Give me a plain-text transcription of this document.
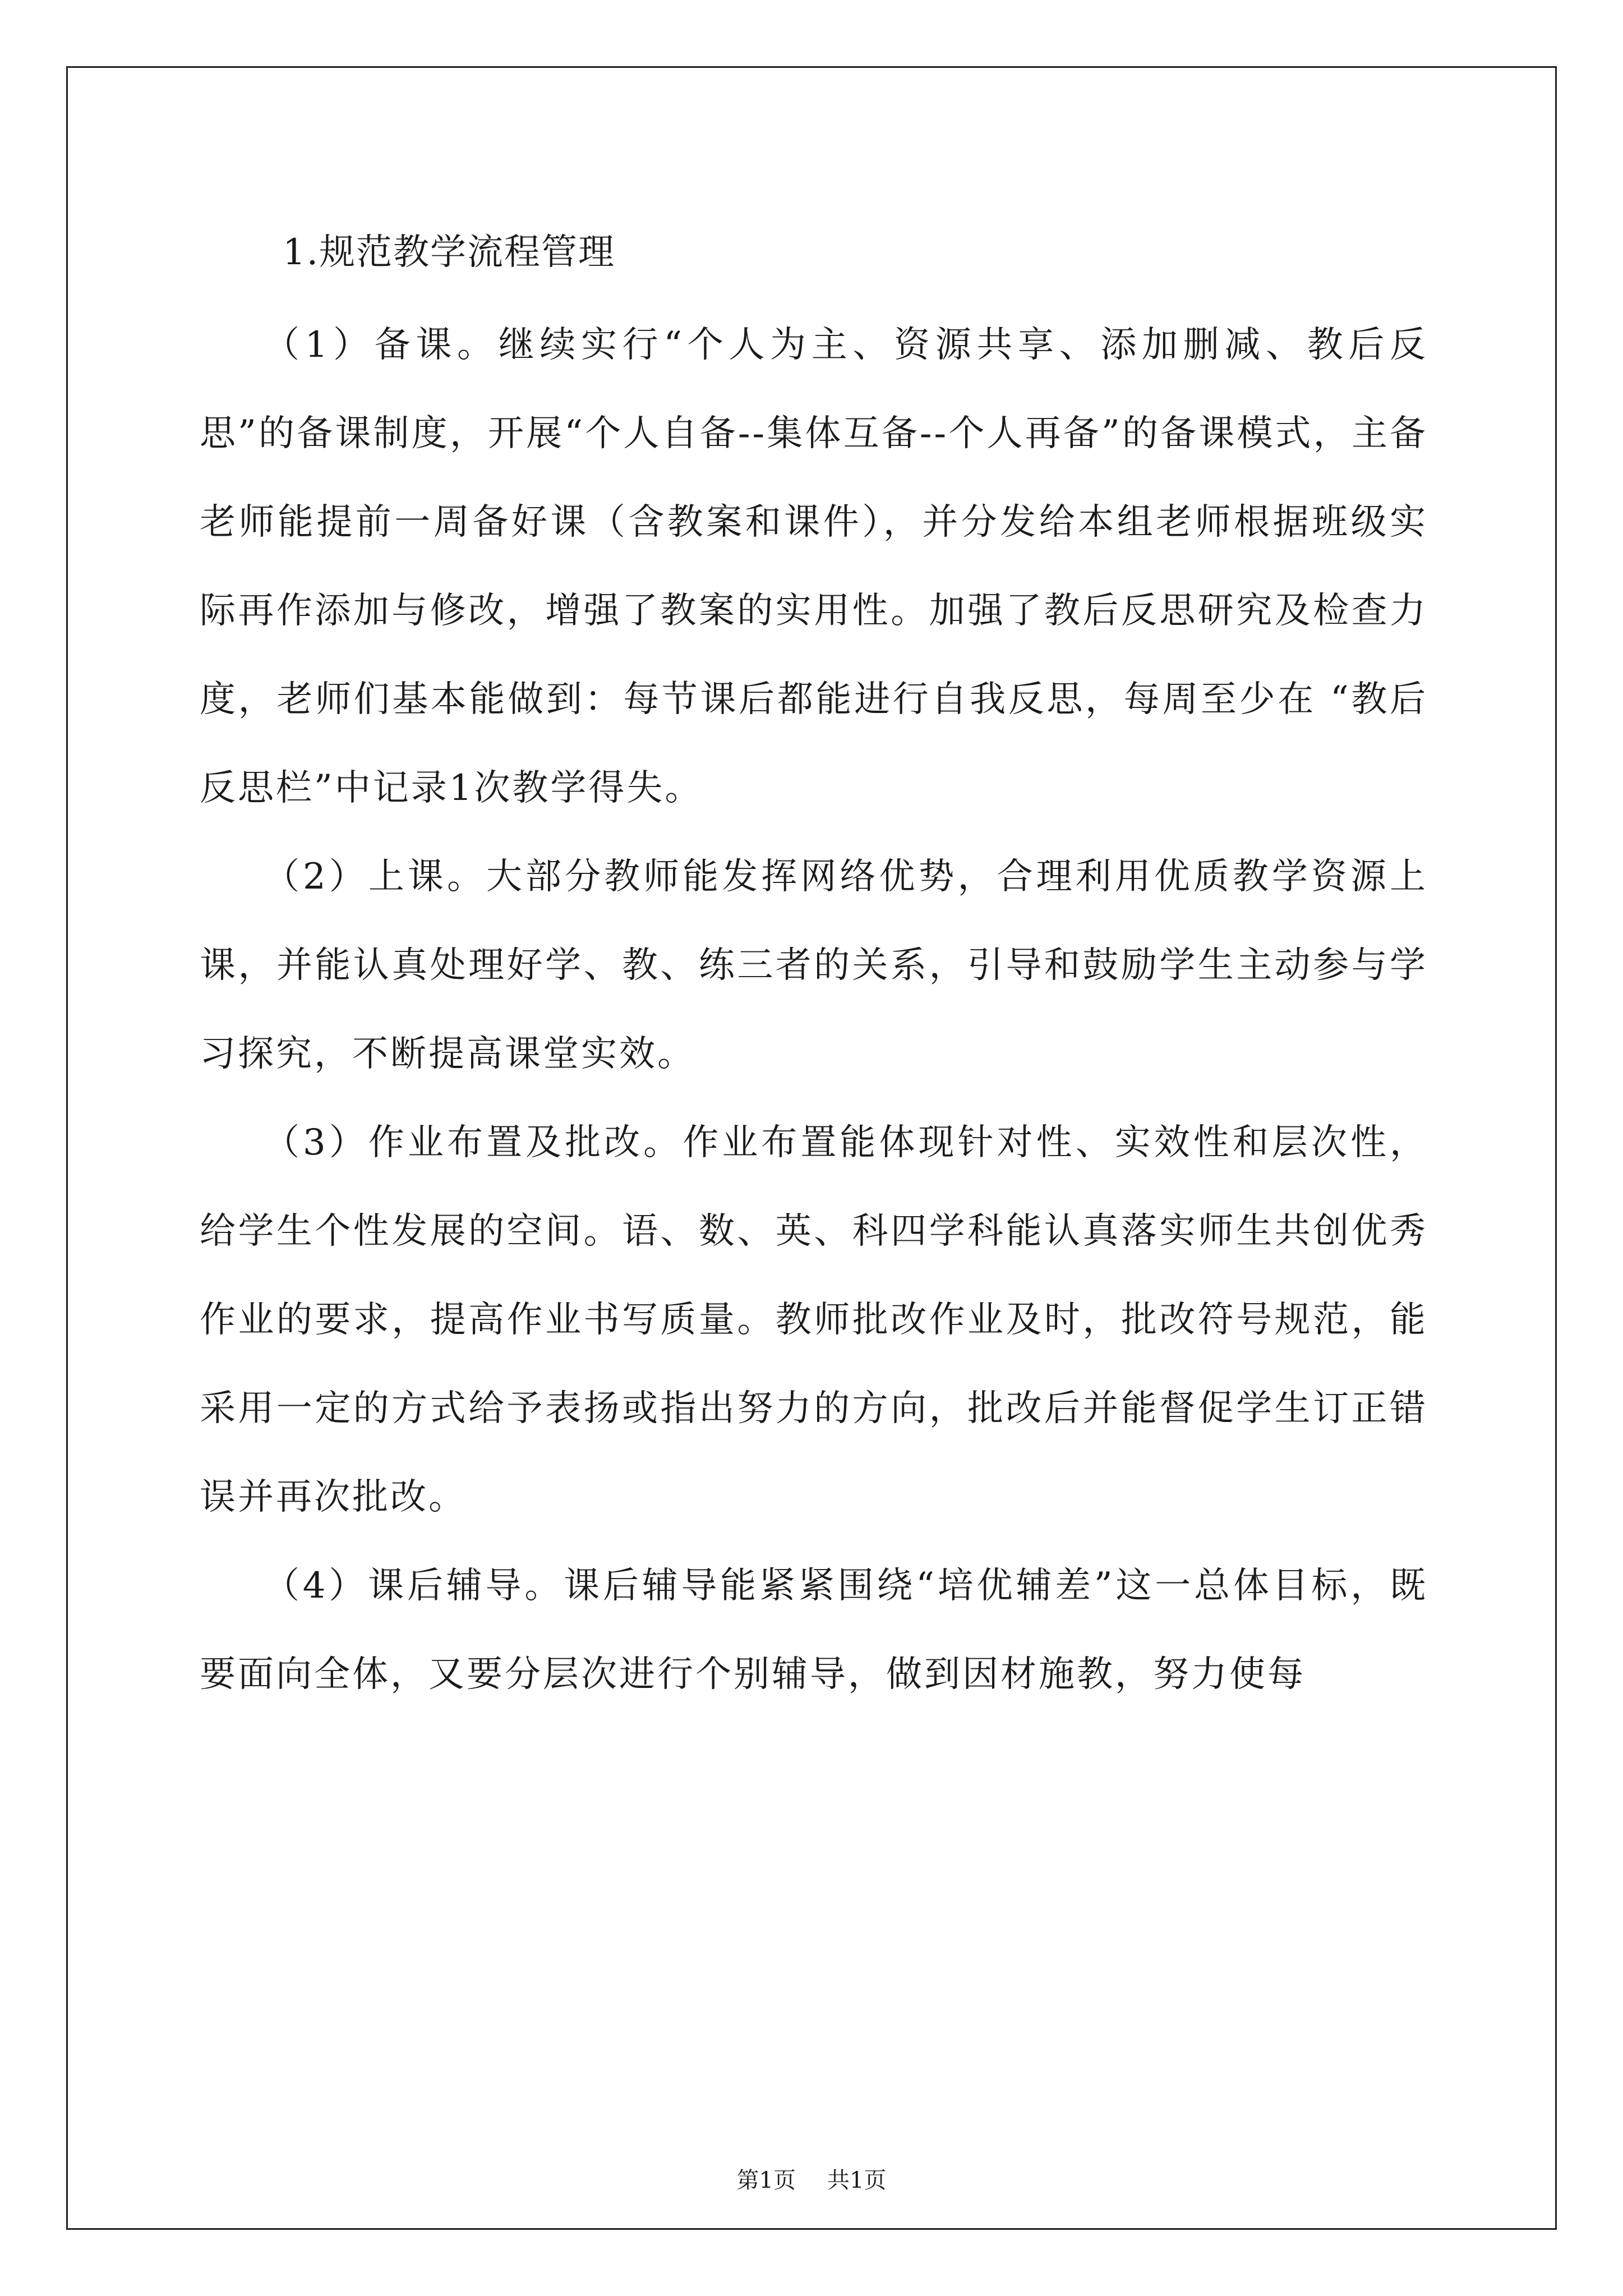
1.规范教学流程管理

（1）备课。继续实行“个人为主、资源共享、添加删减、教后反思”的备课制度，开展“个人自备--集体互备--个人再备”的备课模式，主备老师能提前一周备好课（含教案和课件），并分发给本组老师根据班级实际再作添加与修改，增强了教案的实用性。加强了教后反思研究及检查力度，老师们基本能做到：每节课后都能进行自我反思，每周至少在 “教后反思栏”中记录1次教学得失。

（2）上课。大部分教师能发挥网络优势，合理利用优质教学资源上课，并能认真处理好学、教、练三者的关系，引导和鼓励学生主动参与学习探究，不断提高课堂实效。

（3）作业布置及批改。作业布置能体现针对性、实效性和层次性，给学生个性发展的空间。语、数、英、科四学科能认真落实师生共创优秀作业的要求，提高作业书写质量。教师批改作业及时，批改符号规范，能采用一定的方式给予表扬或指出努力的方向，批改后并能督促学生订正错误并再次批改。

（4）课后辅导。课后辅导能紧紧围绕“培优辅差”这一总体目标，既要面向全体，又要分层次进行个别辅导，做到因材施教，努力使每

第1页 共1页
